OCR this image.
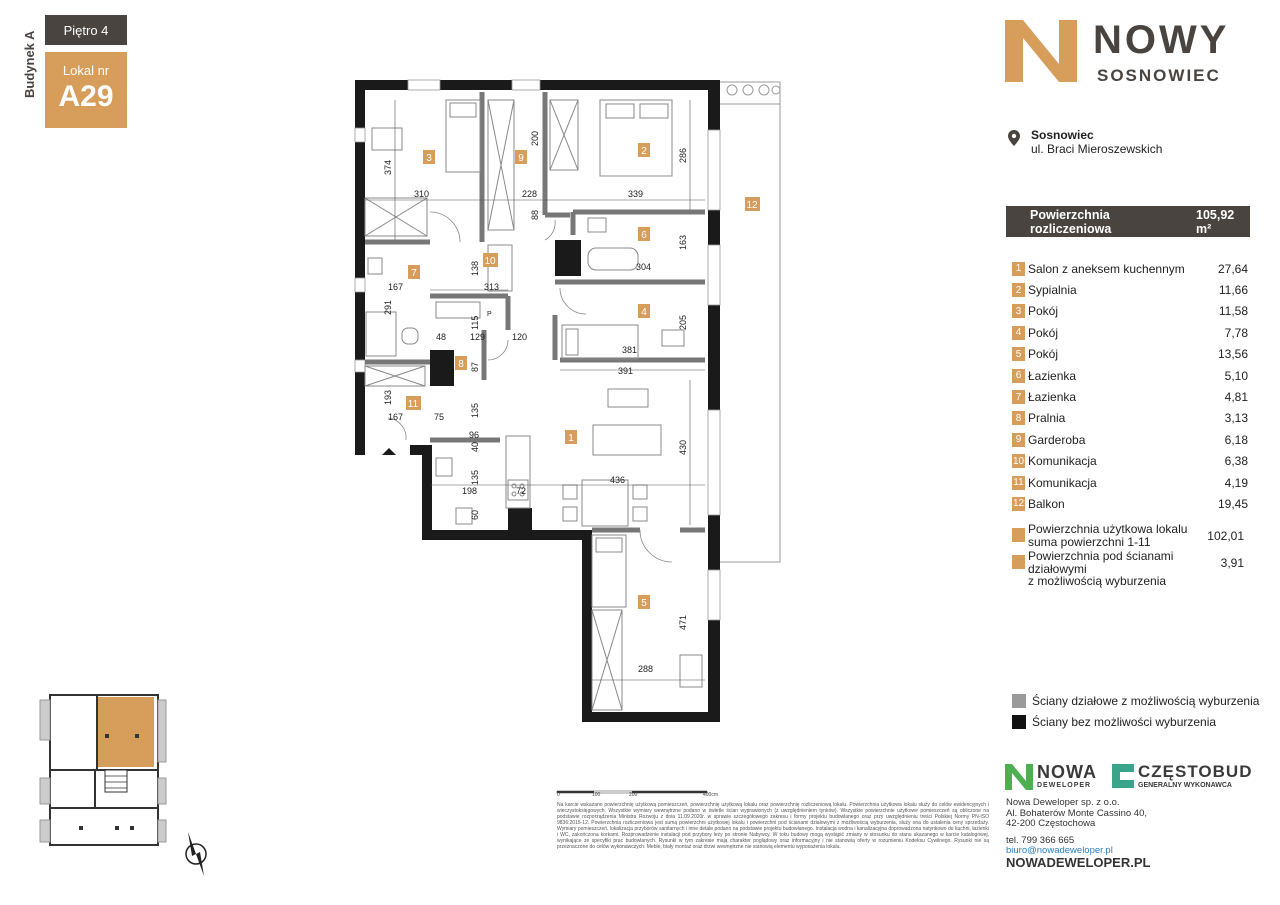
Budynek A
Piętro 4
Lokal nr
A29
1
2
3
4
5
6
7
8
9
10
11
12
374
310
200
339
286
228
88
163
304
138
167	313
291
48	129
115
120
205
381
87	391
193
167	75	135
96
40	430
135
198	72
436
60
471
288
P
0	100	200	400cm
Na karcie wskazano powierzchnię użytkową pomieszczeń, powierzchnię użytkową lokalu oraz powierzchnię rozliczeniową lokalu. Powierzchnia użytkowa lokalu służy do celów ewidencyjnych i wieczystoksięgowych. Wszystkie wymiary wewnętrzne podano w świetle ścian wyprawionych (z uwzględnieniem tynków). Wszystkie powierzchnie użytkowe pomieszczeń są obliczone na podstawie rozporządzenia Ministra Rozwoju z dnia 11.09.2020r. w sprawie szczegółowego zakresu i formy projektu budowlanego oraz przy uwzględnieniu treści Polskiej Normy PN-ISO 9836:2015-12. Powierzchnia rozliczeniowa jest sumą powierzchni użytkowej lokalu i powierzchni pod ścianami działowymi z możliwością wyburzenia, służy ona do ustalenia ceny sprzedaży. Wymiary pomieszczeń, lokalizacja przyborów sanitarnych i inne detale podano na podstawie projektu budowlanego. Instalacja wodna i kanalizacyjna doprowadzona natynkowo do kuchni, łazienki i WC, zakończona korkami. Rozprowadzenie instalacji pod przybory leży po stronie Nabywcy. W toku budowy mogą wystąpić zmiany w stosunku do stanu ukazanego w karcie katalogowej, wynikające ze specyfiki prac budowlanych. Rysunki w tym zakresie mają charakter poglądowy oraz informacyjny i nie stanowią oferty w rozumieniu Kodeksu Cywilnego. Rysunki nie są przeznaczone do celów wykonawczych. Meble, biały montaż oraz drzwi wewnętrzne nie stanowią elementu wyposażenia lokalu.
NOWY
SOSNOWIEC
Sosnowiec
ul. Braci Mieroszewskich
Powierzchnia rozliczeniowa
105,92 m²
1 Salon z aneksem kuchennym	27,64
2 Sypialnia	11,66
3 Pokój	11,58
4 Pokój	7,78
5 Pokój	13,56
6 Łazienka	5,10
7 Łazienka	4,81
8 Pralnia	3,13
9 Garderoba	6,18
10 Komunikacja	6,38
11 Komunikacja	4,19
12 Balkon	19,45
Powierzchnia użytkowa lokalu
suma powierzchni 1-11	102,01
Powierzchnia pod ścianami działowymi
z możliwością wyburzenia
3,91
Ściany działowe z możliwością wyburzenia
Ściany bez możliwości wyburzenia
NOWA
DEWELOPER
CZĘSTOBUD
GENERALNY WYKONAWCA
Nowa Deweloper sp. z o.o.
Al. Bohaterów Monte Cassino 40,
42-200 Częstochowa
tel. 799 366 665
biuro@nowadeweloper.pl
NOWADEWELOPER.PL
